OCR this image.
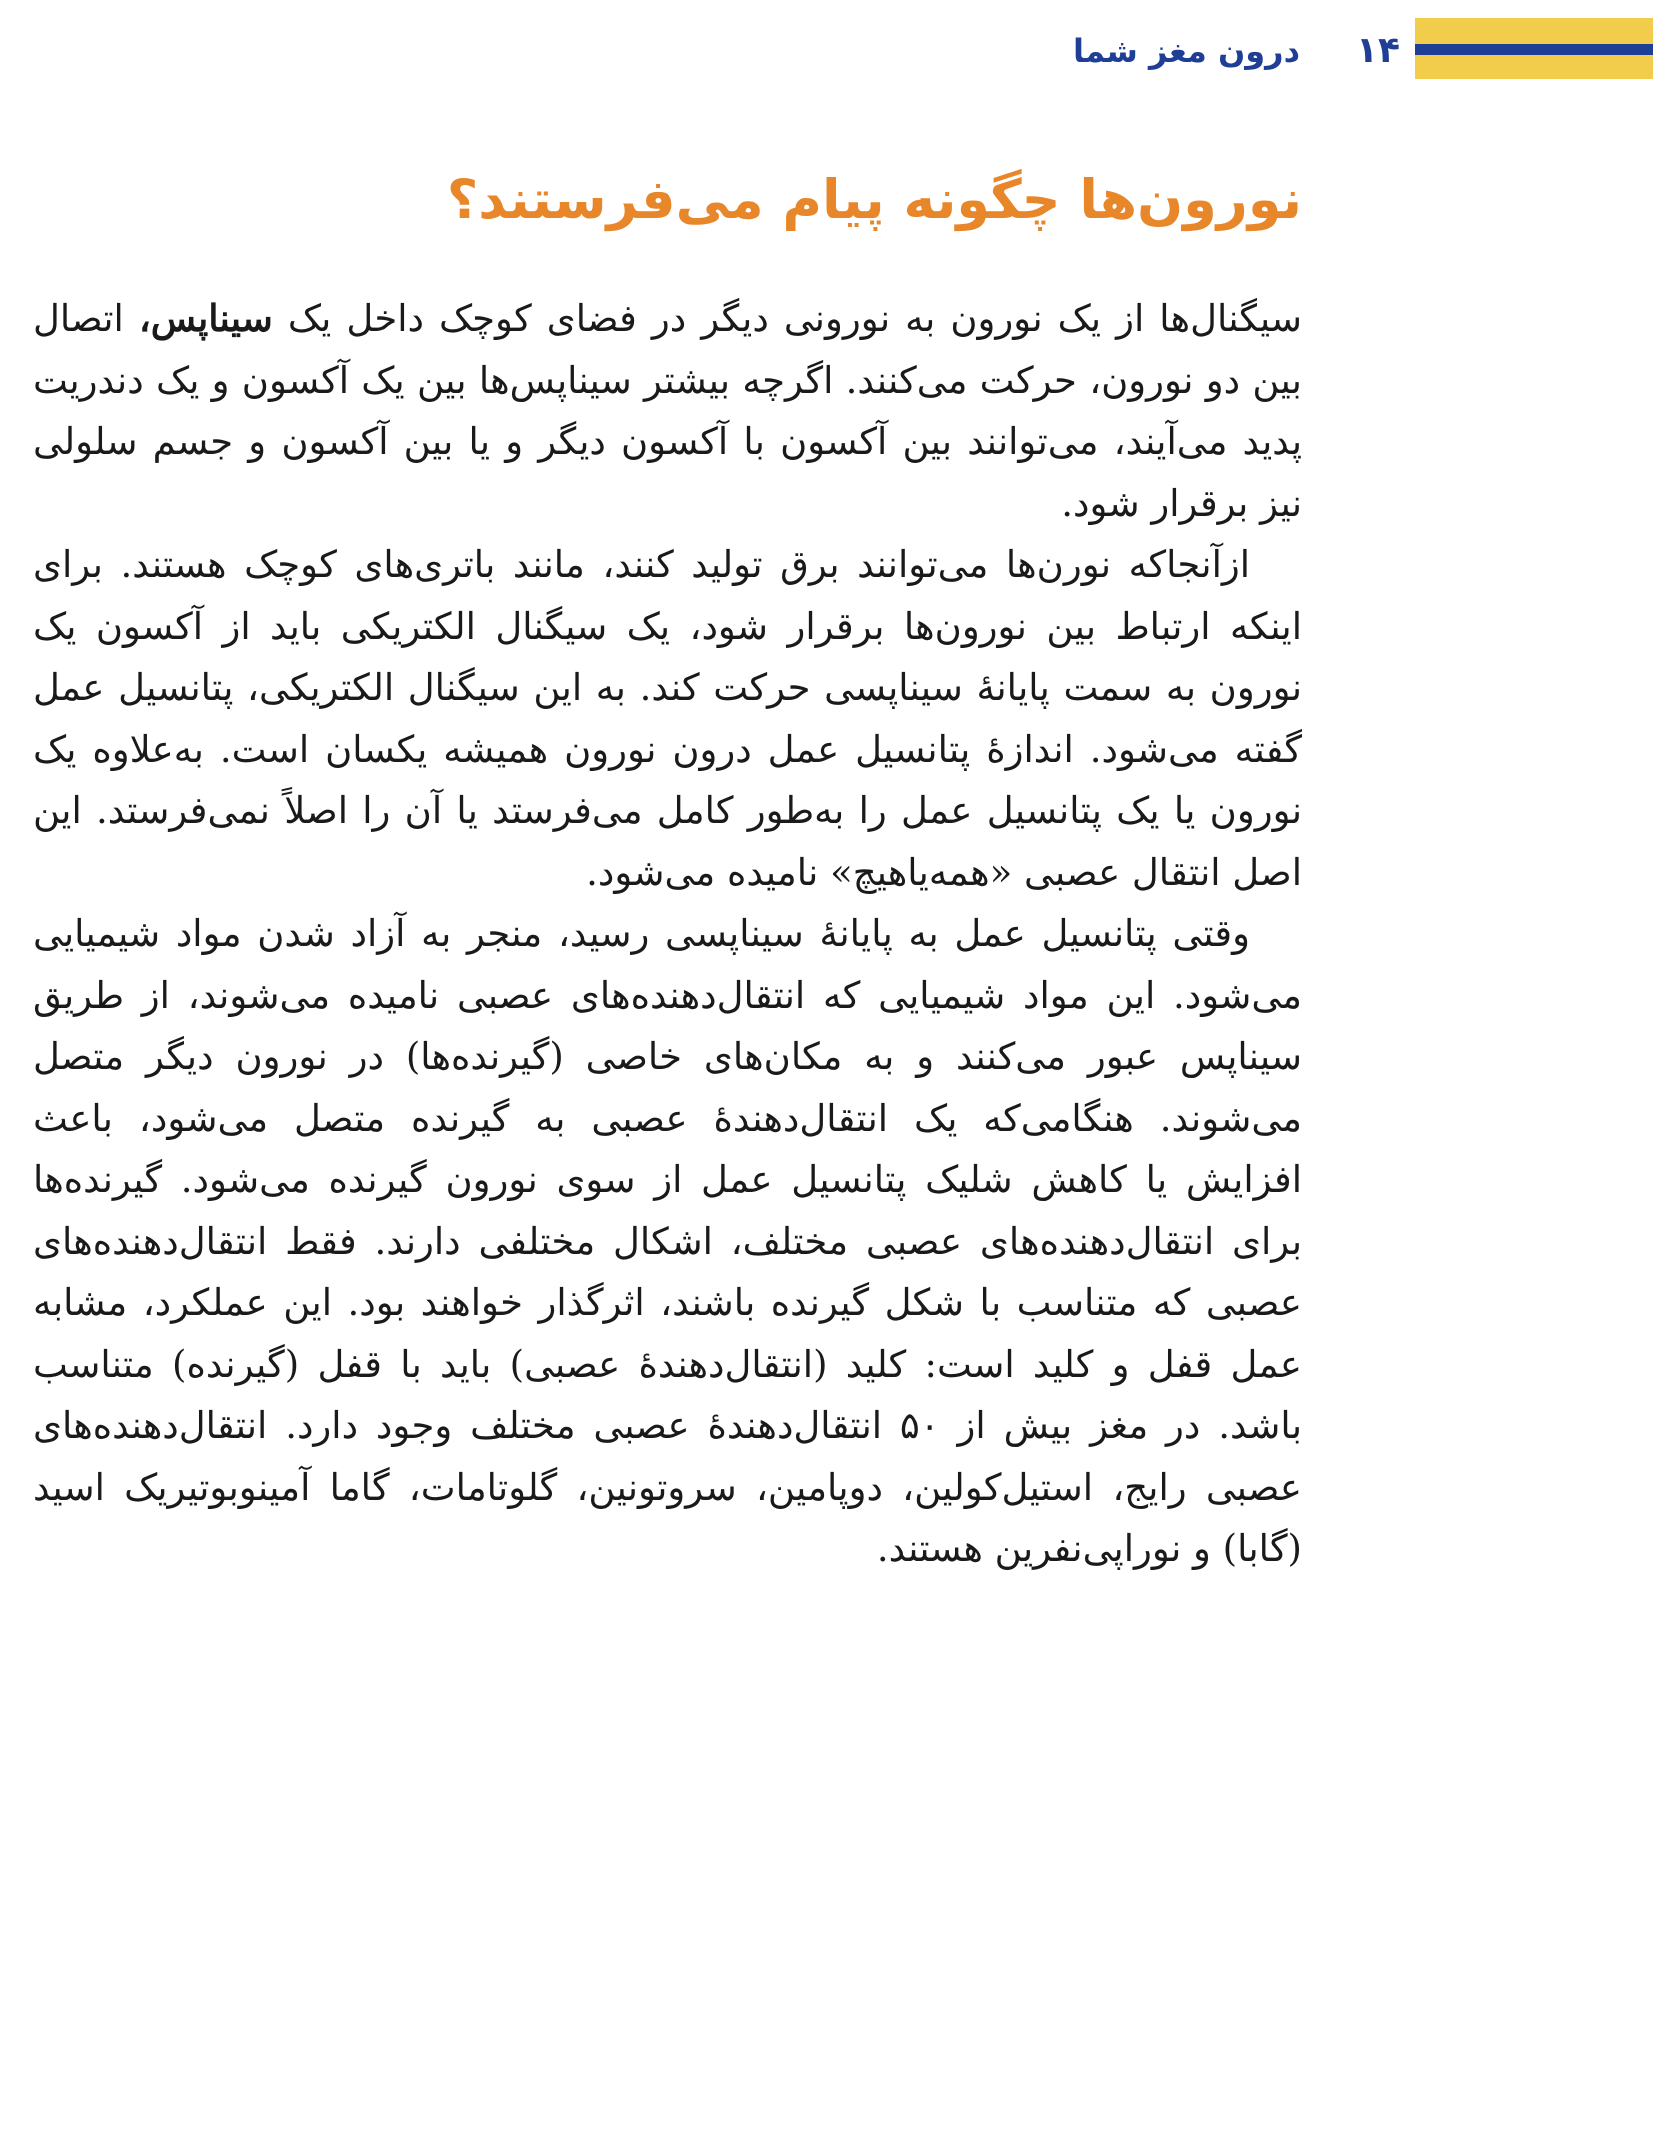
۱۴
درون مغز شما
نورون‌ها چگونه پیام می‌فرستند؟

سیگنال‌ها از یک نورون به نورونی دیگر در فضای کوچک داخل یک سیناپس، اتصال بین دو نورون، حرکت می‌کنند. اگرچه بیشتر سیناپس‌ها بین یک آکسون و یک دندریت پدید می‌آیند، می‌توانند بین آکسون با آکسون دیگر و یا بین آکسون و جسم سلولی نیز برقرار شود.

ازآنجاکه نورن‌ها می‌توانند برق تولید کنند، مانند باتری‌های کوچک هستند. برای اینکه ارتباط بین نورون‌ها برقرار شود، یک سیگنال الکتریکی باید از آکسون یک نورون به سمت پایانهٔ سیناپسی حرکت کند. به این سیگنال الکتریکی، پتانسیل عمل گفته می‌شود. اندازهٔ پتانسیل عمل درون نورون همیشه یکسان است. به‌علاوه یک نورون یا یک پتانسیل عمل را به‌طور کامل می‌فرستد یا آن را اصلاً نمی‌فرستد. این اصل انتقال عصبی «همه‌یاهیچ» نامیده می‌شود.

وقتی پتانسیل عمل به پایانهٔ سیناپسی رسید، منجر به آزاد شدن مواد شیمیایی می‌شود. این مواد شیمیایی که انتقال‌دهنده‌های عصبی نامیده می‌شوند، از طریق سیناپس عبور می‌کنند و به مکان‌های خاصی (گیرنده‌ها) در نورون دیگر متصل می‌شوند. هنگامی‌که یک انتقال‌دهندهٔ عصبی به گیرنده متصل می‌شود، باعث افزایش یا کاهش شلیک پتانسیل عمل از سوی نورون گیرنده می‌شود. گیرنده‌ها برای انتقال‌دهنده‌های عصبی مختلف، اشکال مختلفی دارند. فقط انتقال‌دهنده‌های عصبی که متناسب با شکل گیرنده باشند، اثرگذار خواهند بود. این عملکرد، مشابه عمل قفل و کلید است: کلید (انتقال‌دهندهٔ عصبی) باید با قفل (گیرنده) متناسب باشد. در مغز بیش از ۵۰ انتقال‌دهندهٔ عصبی مختلف وجود دارد. انتقال‌دهنده‌های عصبی رایج، استیل‌کولین، دوپامین، سروتونین، گلوتامات، گاما آمینوبوتیریک اسید (گابا) و نوراپی‌نفرین هستند.
